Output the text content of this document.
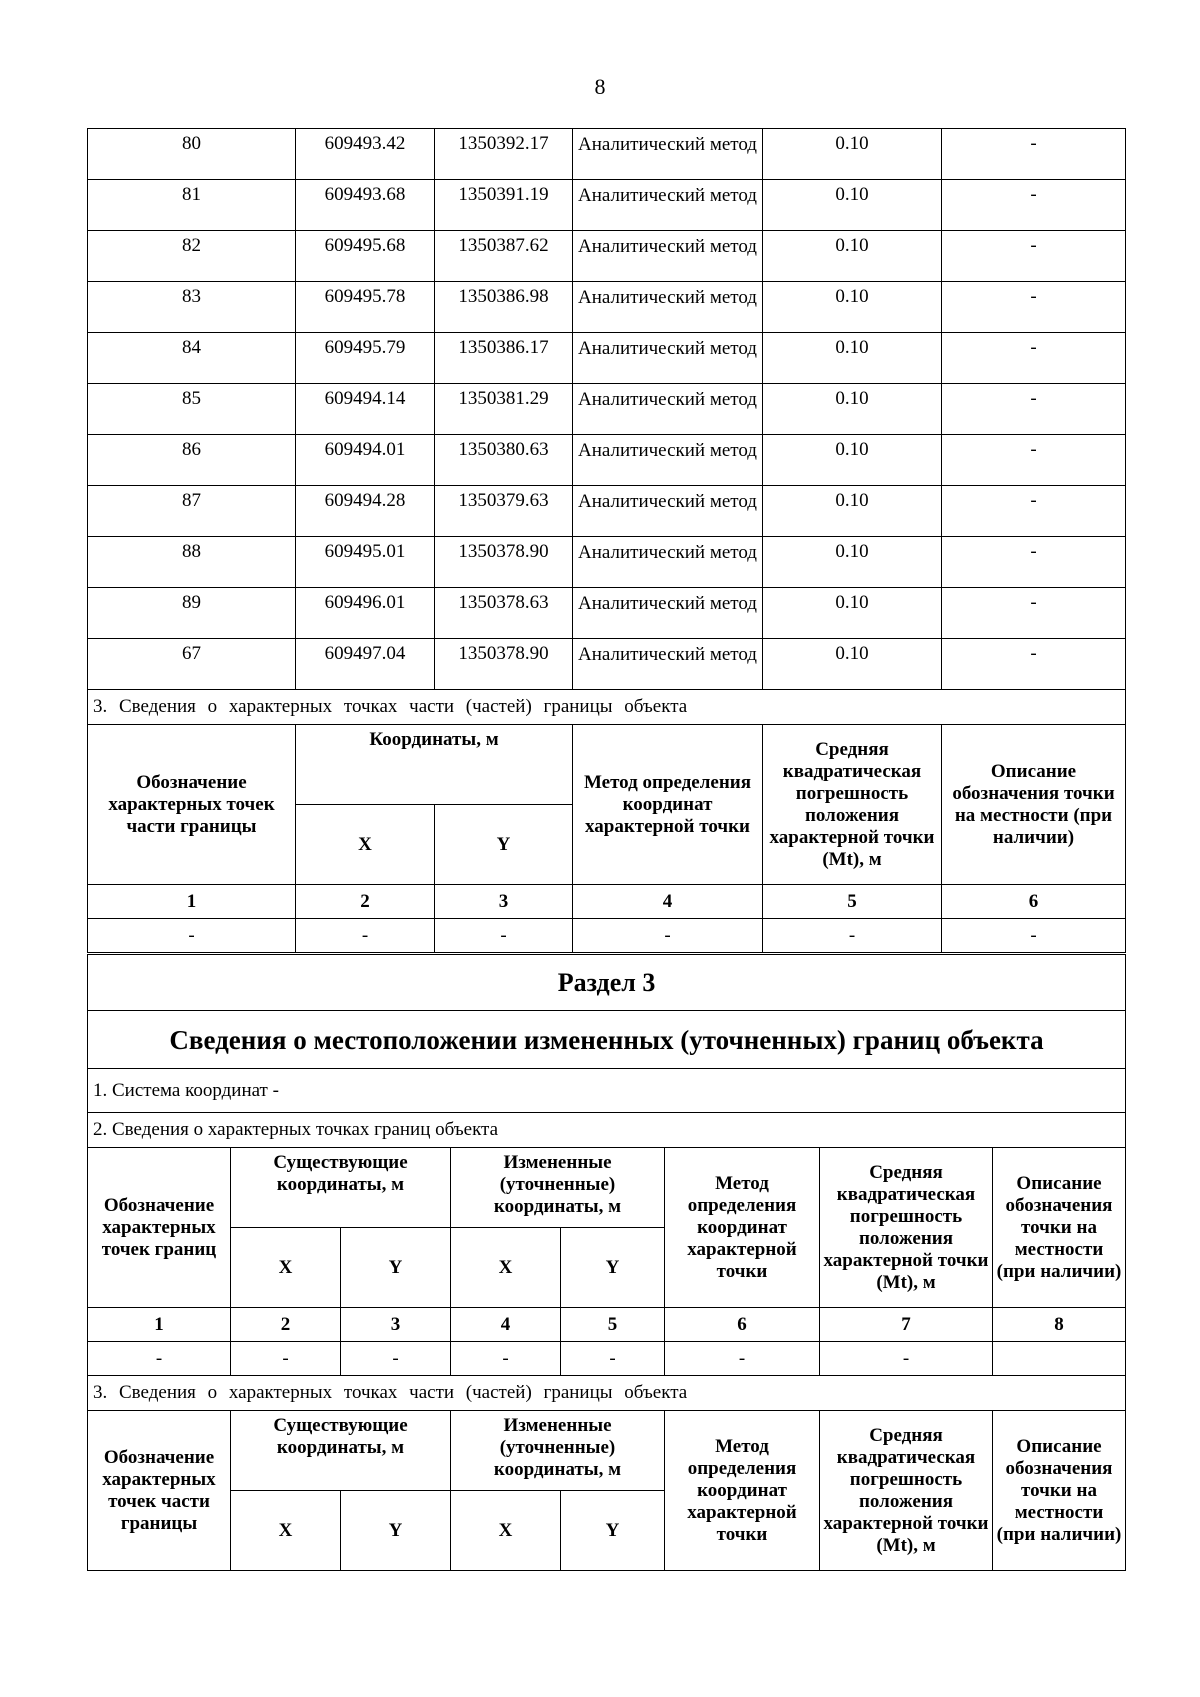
8
80	609493.42	1350392.17	Аналитический метод	0.10	-
81	609493.68	1350391.19	Аналитический метод	0.10	-
82	609495.68	1350387.62	Аналитический метод	0.10	-
83	609495.78	1350386.98	Аналитический метод	0.10	-
84	609495.79	1350386.17	Аналитический метод	0.10	-
85	609494.14	1350381.29	Аналитический метод	0.10	-
86	609494.01	1350380.63	Аналитический метод	0.10	-
87	609494.28	1350379.63	Аналитический метод	0.10	-
88	609495.01	1350378.90	Аналитический метод	0.10	-
89	609496.01	1350378.63	Аналитический метод	0.10	-
67	609497.04	1350378.90	Аналитический метод	0.10	-
3. Сведения о характерных точках части (частей) границы объекта					
Обозначение характерных точек части границы	Координаты, м		Метод определения координат характерной точки	Средняя квадратическая погрешность положения характерной точки (Mt), м	Описание обозначения точки на местности (при наличии)
	X	Y			
1	2	3	4	5	6
-	-	-	-	-	-
Раздел 3							
Сведения о местоположении измененных (уточненных) границ объекта							
1. Система координат -							
2. Сведения о характерных точках границ объекта							
Обозначение характерных точек границ	Существующие координаты, м		Измененные (уточненные) координаты, м		Метод определения координат характерной точки	Средняя квадратическая погрешность положения характерной точки (Mt), м	Описание обозначения точки на местности (при наличии)
	X	Y	X	Y			
1	2	3	4	5	6	7	8
-	-	-	-	-	-	-	
3. Сведения о характерных точках части (частей) границы объекта							
Обозначение характерных точек части границы	Существующие координаты, м		Измененные (уточненные) координаты, м		Метод определения координат характерной точки	Средняя квадратическая погрешность положения характерной точки (Mt), м	Описание обозначения точки на местности (при наличии)
	X	Y	X	Y			
